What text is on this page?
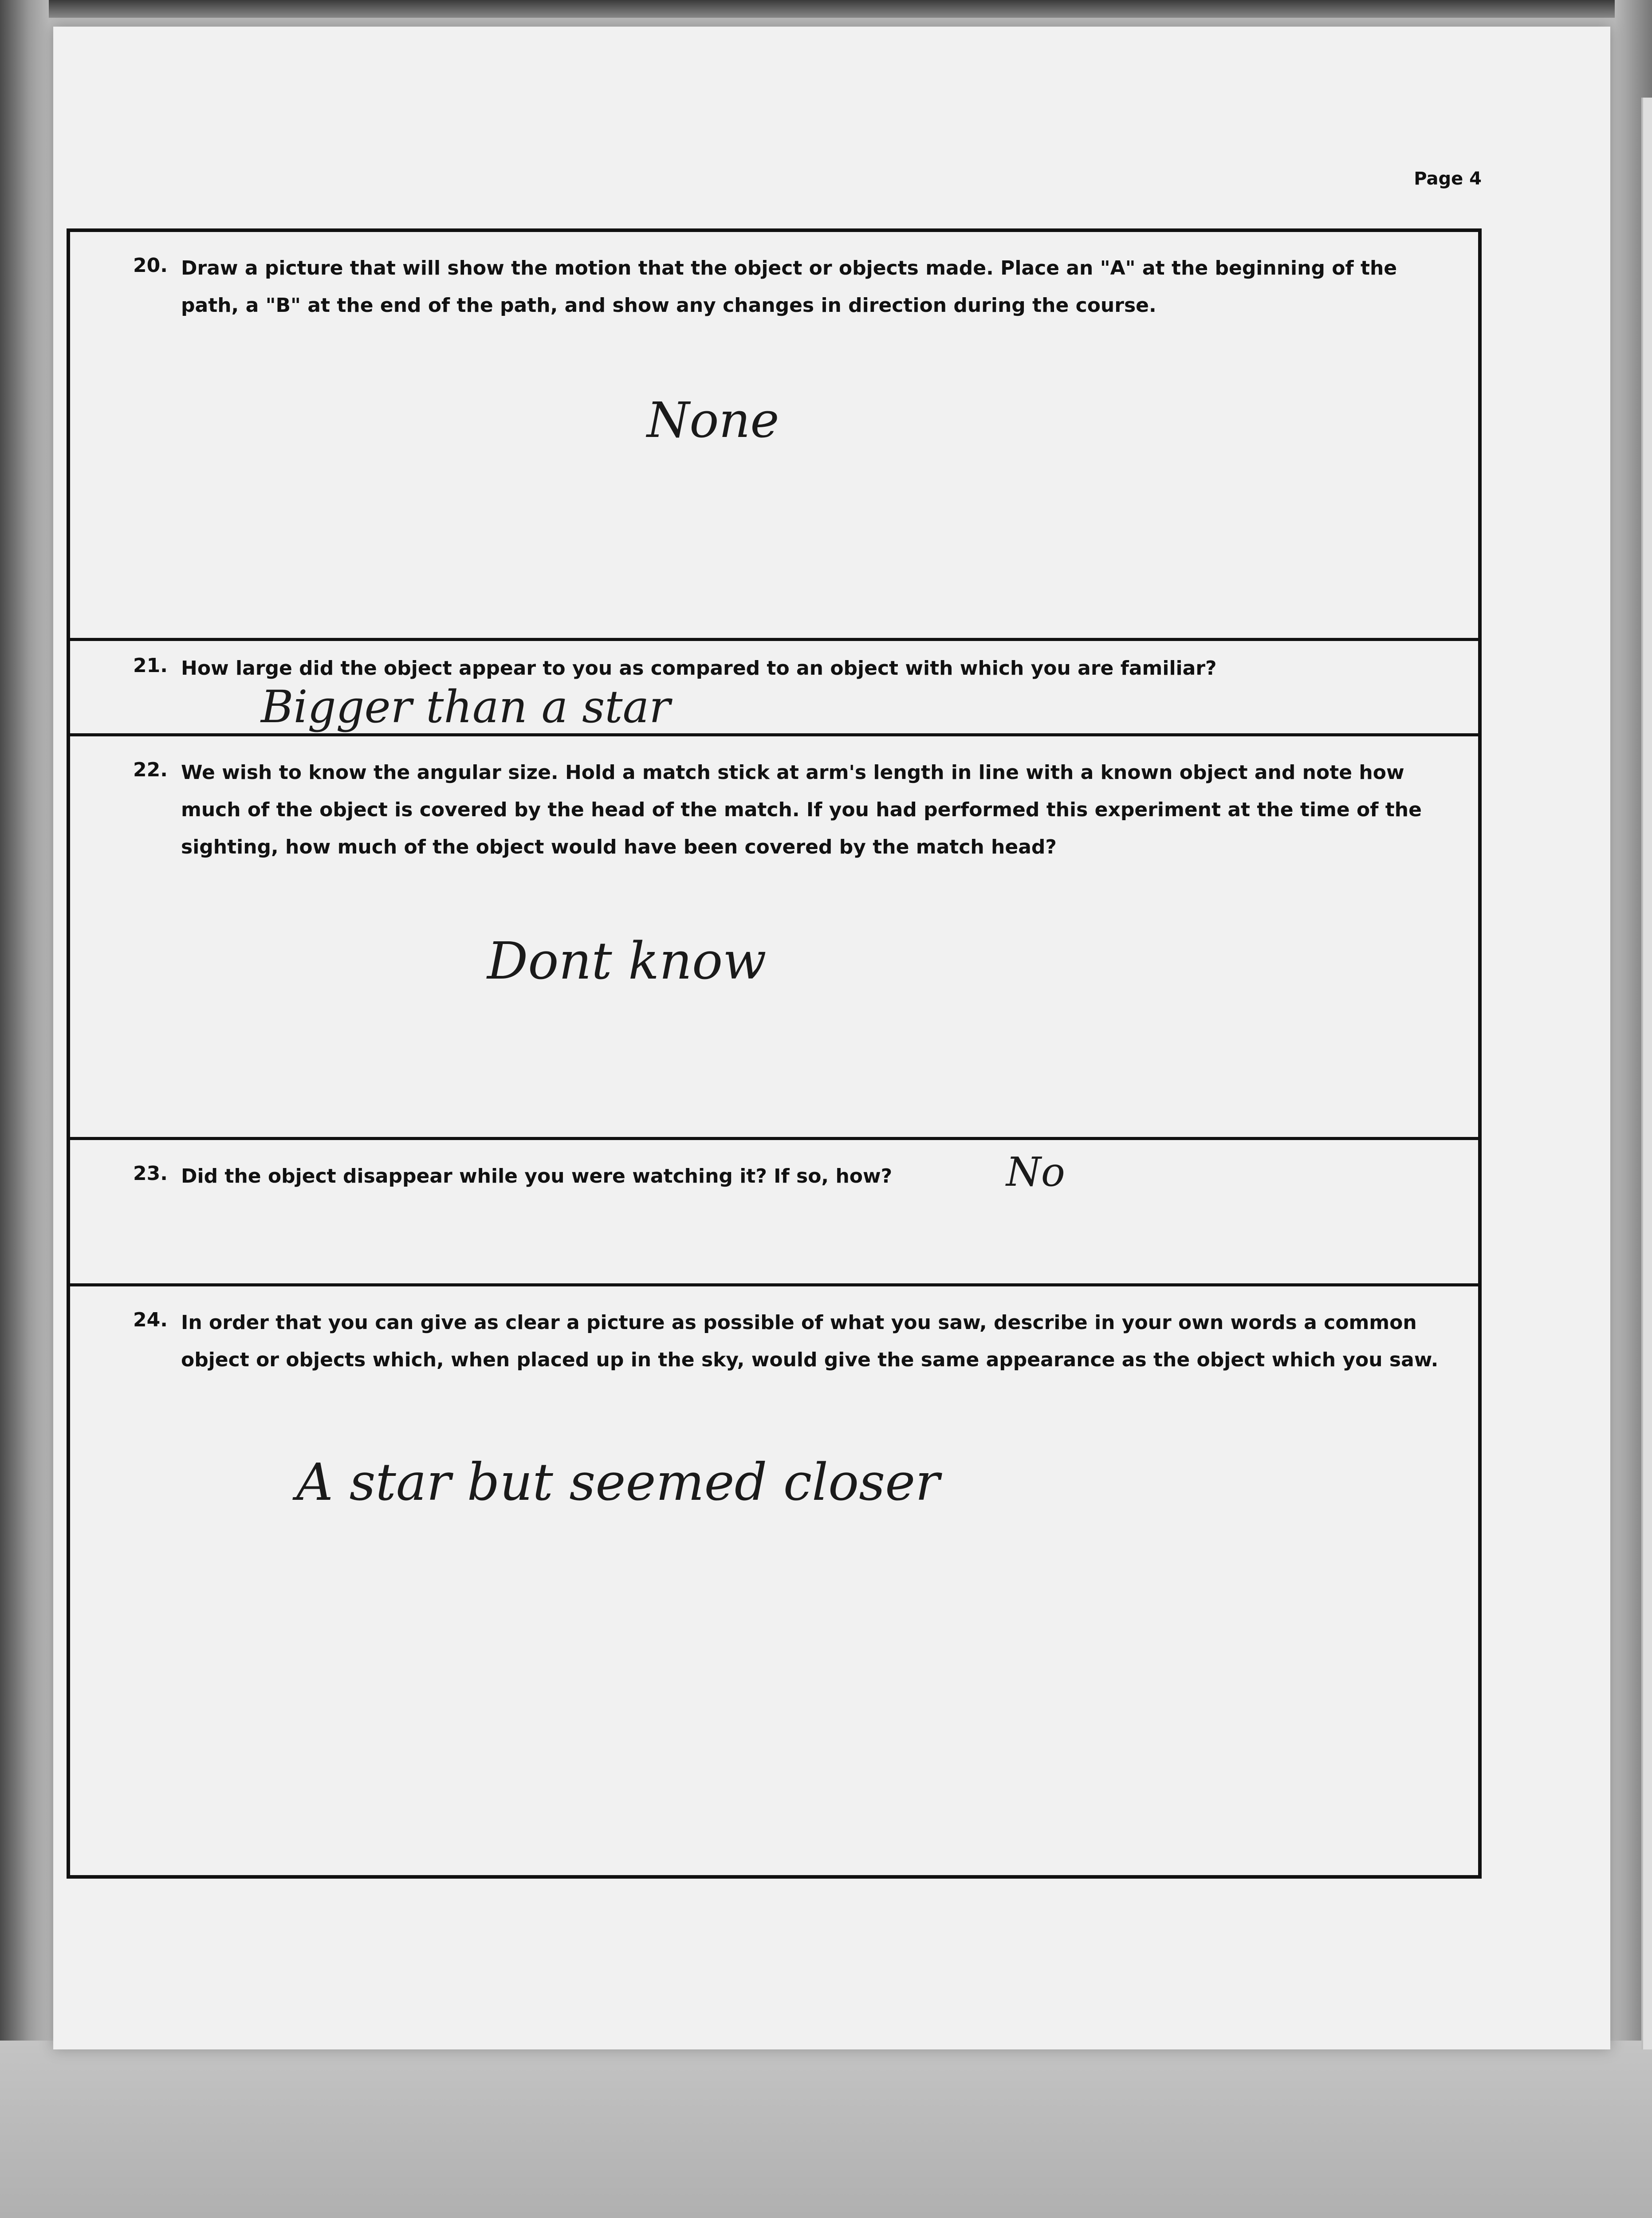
Page 4
20. Draw a picture that will show the motion that the object or objects made. Place an "A" at the beginning of the path, a "B" at the end of the path, and show any changes in direction during the course.
None
21. How large did the object appear to you as compared to an object with which you are familiar?
Bigger than a star
22. We wish to know the angular size. Hold a match stick at arm's length in line with a known object and note how much of the object is covered by the head of the match. If you had performed this experiment at the time of the sighting, how much of the object would have been covered by the match head?
Dont know
23. Did the object disappear while you were watching it? If so, how?	No
24. In order that you can give as clear a picture as possible of what you saw, describe in your own words a common object or objects which, when placed up in the sky, would give the same appearance as the object which you saw.
A star but seemed closer
